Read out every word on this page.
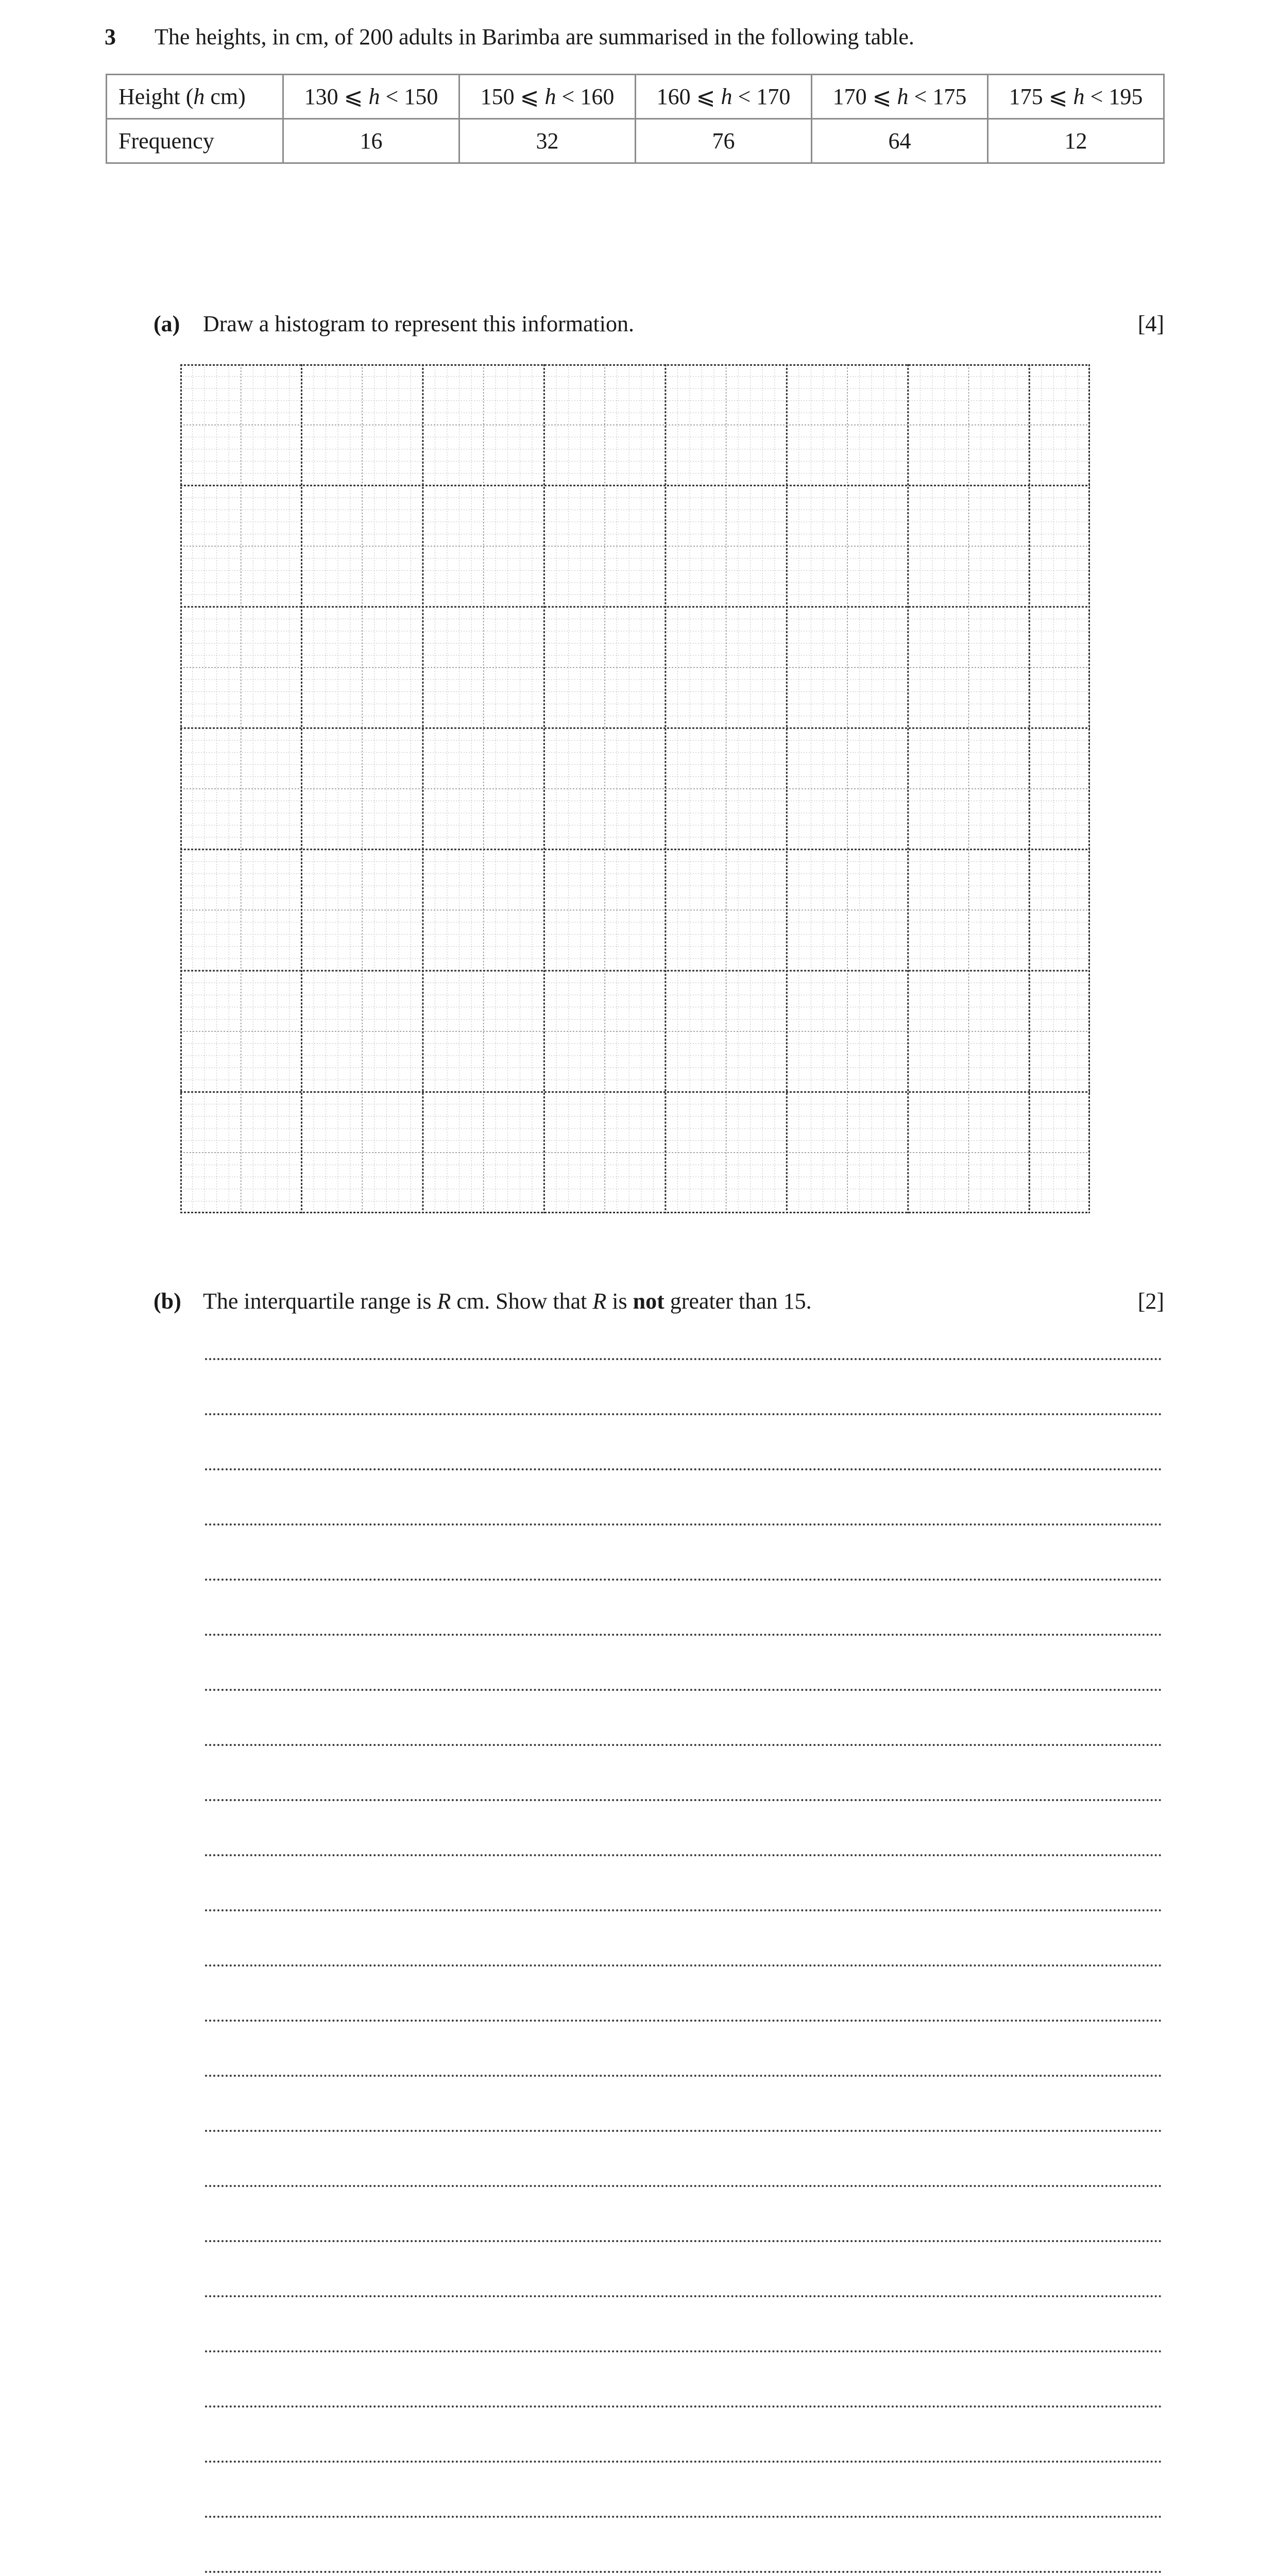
3 The heights, in cm, of 200 adults in Barimba are summarised in the following table.
Height (h cm)	130 ⩽ h < 150	150 ⩽ h < 160	160 ⩽ h < 170	170 ⩽ h < 175	175 ⩽ h < 195
Frequency	16	32	76	64	12
(a) Draw a histogram to represent this information.	[4]
(b) The interquartile range is R cm. Show that R is not greater than 15.	[2]
